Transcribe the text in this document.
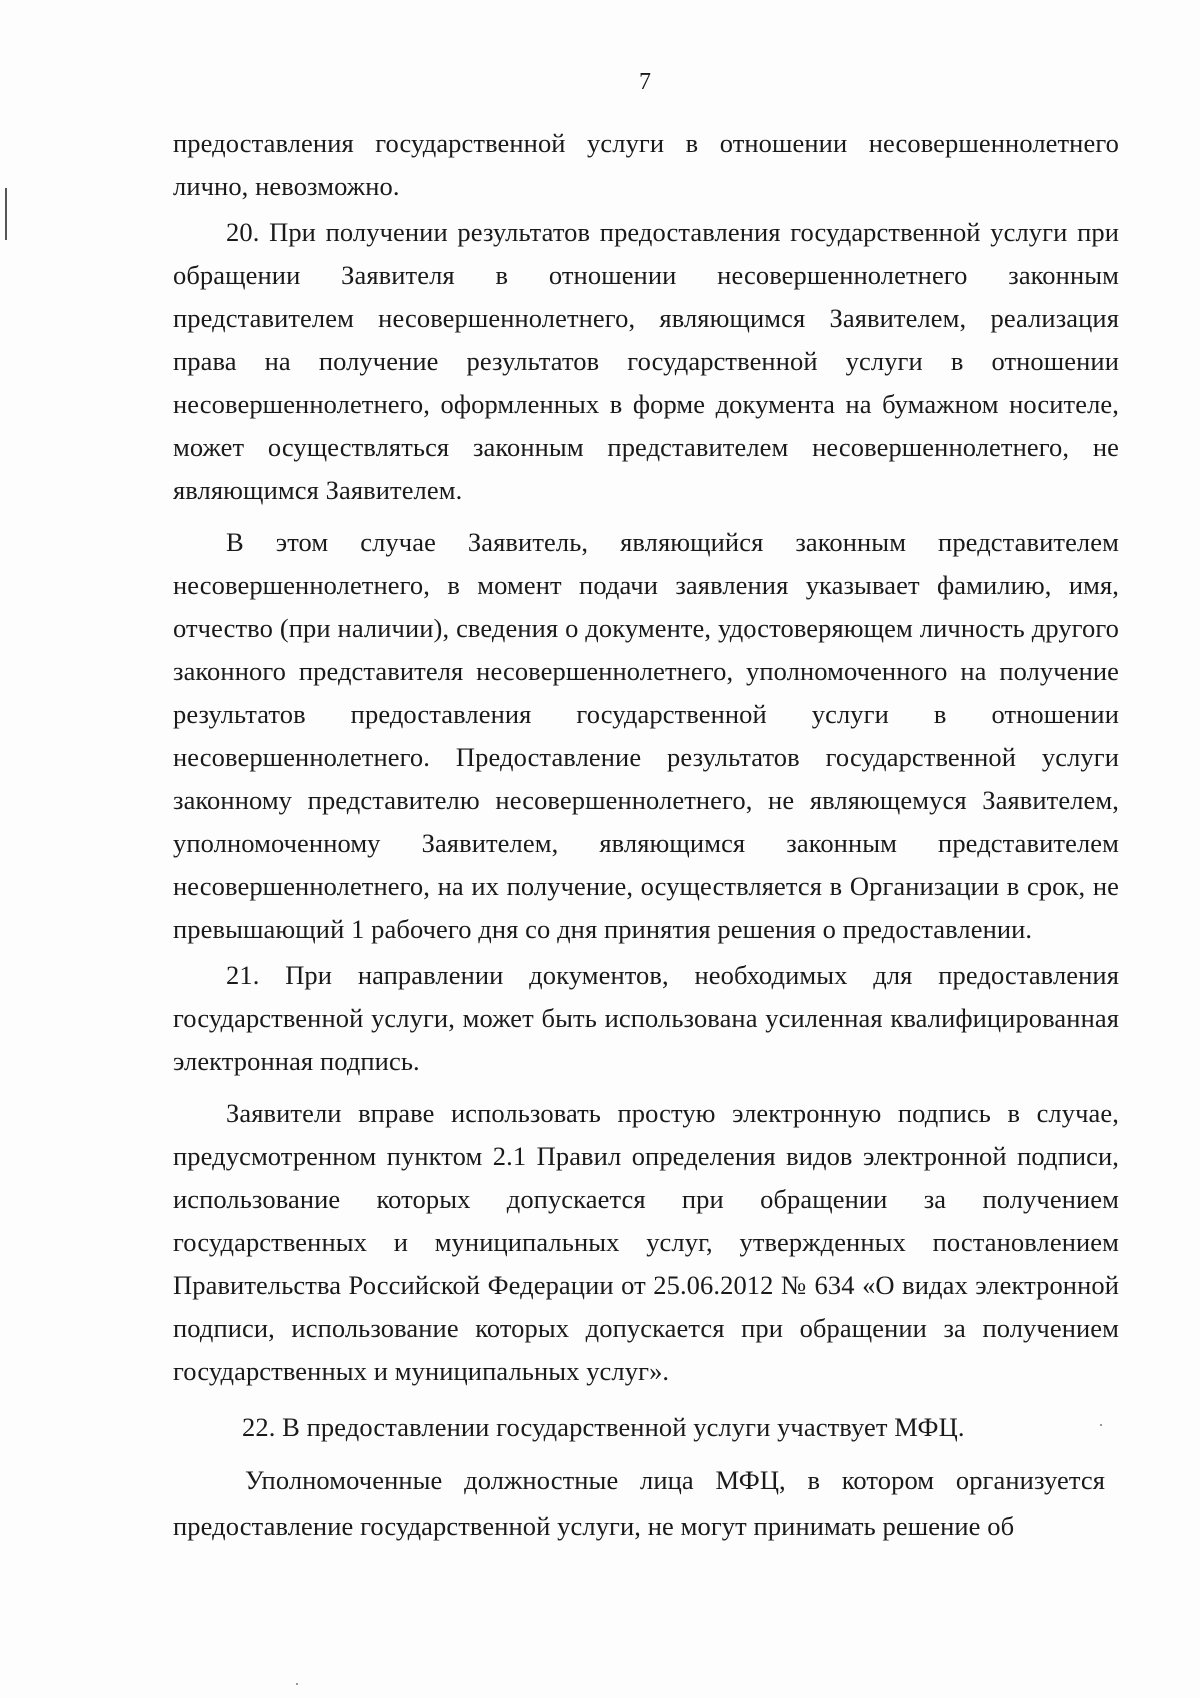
7

предоставления государственной услуги в отношении несовершеннолетнего лично, невозможно.

20. При получении результатов предоставления государственной услуги при обращении Заявителя в отношении несовершеннолетнего законным представителем несовершеннолетнего, являющимся Заявителем, реализация права на получение результатов государственной услуги в отношении несовершеннолетнего, оформленных в форме документа на бумажном носителе, может осуществляться законным представителем несовершеннолетнего, не являющимся Заявителем.

В этом случае Заявитель, являющийся законным представителем несовершеннолетнего, в момент подачи заявления указывает фамилию, имя, отчество (при наличии), сведения о документе, удостоверяющем личность другого законного представителя несовершеннолетнего, уполномоченного на получение результатов предоставления государственной услуги в отношении несовершеннолетнего. Предоставление результатов государственной услуги законному представителю несовершеннолетнего, не являющемуся Заявителем, уполномоченному Заявителем, являющимся законным представителем несовершеннолетнего, на их получение, осуществляется в Организации в срок, не превышающий 1 рабочего дня со дня принятия решения о предоставлении.

21. При направлении документов, необходимых для предоставления государственной услуги, может быть использована усиленная квалифицированная электронная подпись.

Заявители вправе использовать простую электронную подпись в случае, предусмотренном пунктом 2.1 Правил определения видов электронной подписи, использование которых допускается при обращении за получением государственных и муниципальных услуг, утвержденных постановлением Правительства Российской Федерации от 25.06.2012 № 634 «О видах электронной подписи, использование которых допускается при обращении за получением государственных и муниципальных услуг».

22. В предоставлении государственной услуги участвует МФЦ.

Уполномоченные должностные лица МФЦ, в котором организуется предоставление государственной услуги, не могут принимать решение об
